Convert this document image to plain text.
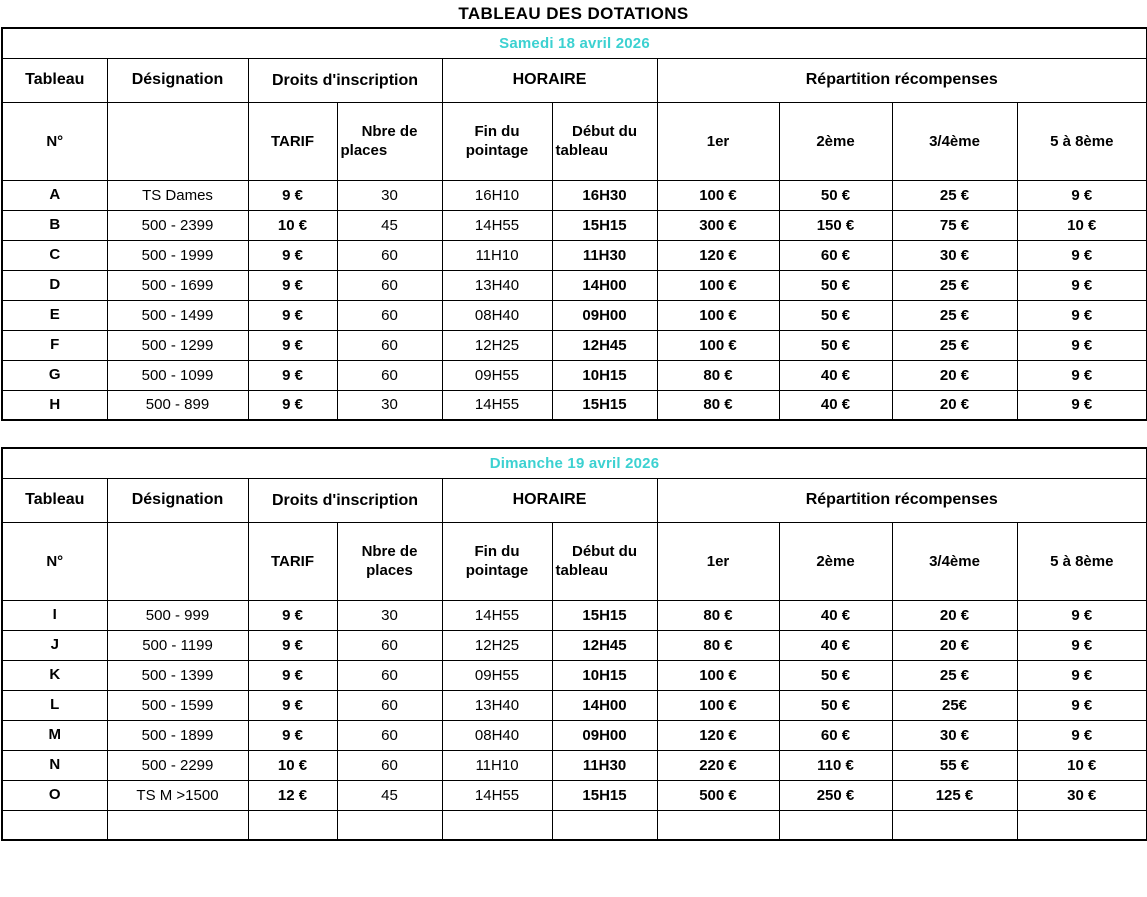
TABLEAU DES DOTATIONS
Samedi 18 avril 2026									
Tableau	Désignation	Droits d'inscription		HORAIRE		Répartition récompenses			
N°		TARIF	Nbre de places	Fin du pointage	Début du tableau	1er	2ème	3/4ème	5 à 8ème
A	TS Dames	9 €	30	16H10	16H30	100 €	50 €	25 €	9 €
B	500 - 2399	10 €	45	14H55	15H15	300 €	150 €	75 €	10 €
C	500 - 1999	9 €	60	11H10	11H30	120 €	60 €	30 €	9 €
D	500 - 1699	9 €	60	13H40	14H00	100 €	50 €	25 €	9 €
E	500 - 1499	9 €	60	08H40	09H00	100 €	50 €	25 €	9 €
F	500 - 1299	9 €	60	12H25	12H45	100 €	50 €	25 €	9 €
G	500 - 1099	9 €	60	09H55	10H15	80 €	40 €	20 €	9 €
H	500 - 899	9 €	30	14H55	15H15	80 €	40 €	20 €	9 €
Dimanche 19 avril 2026									
Tableau	Désignation	Droits d'inscription		HORAIRE		Répartition récompenses			
N°		TARIF	Nbre de places	Fin du pointage	Début du tableau	1er	2ème	3/4ème	5 à 8ème
I	500 - 999	9 €	30	14H55	15H15	80 €	40 €	20 €	9 €
J	500 - 1199	9 €	60	12H25	12H45	80 €	40 €	20 €	9 €
K	500 - 1399	9 €	60	09H55	10H15	100 €	50 €	25 €	9 €
L	500 - 1599	9 €	60	13H40	14H00	100 €	50 €	25€	9 €
M	500 - 1899	9 €	60	08H40	09H00	120 €	60 €	30 €	9 €
N	500 - 2299	10 €	60	11H10	11H30	220 €	110 €	55 €	10 €
O	TS M >1500	12 €	45	14H55	15H15	500 €	250 €	125 €	30 €
